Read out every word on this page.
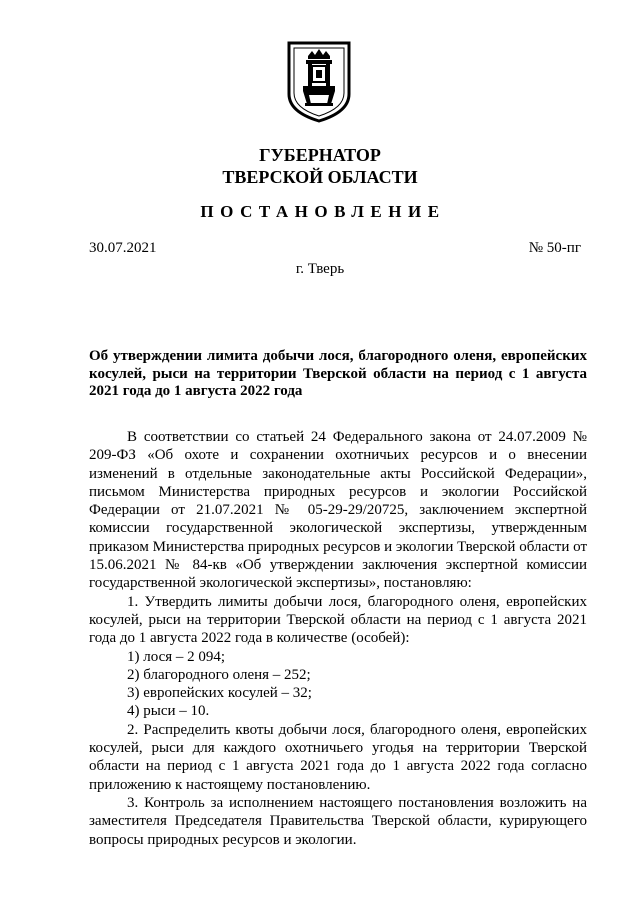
ГУБЕРНАТОР
ТВЕРСКОЙ ОБЛАСТИ
ПОСТАНОВЛЕНИЕ
30.07.2021	№ 50-пг
г. Тверь
Об утверждении лимита добычи лося, благородного оленя, европейских косулей, рыси на территории Тверской области на период с 1 августа 2021 года до 1 августа 2022 года

В соответствии со статьей 24 Федерального закона от 24.07.2009 № 209-ФЗ «Об охоте и сохранении охотничьих ресурсов и о внесении изменений в отдельные законодательные акты Российской Федерации», письмом Министерства природных ресурсов и экологии Российской Федерации от 21.07.2021 № 05-29-29/20725, заключением экспертной комиссии государственной экологической экспертизы, утвержденным приказом Министерства природных ресурсов и экологии Тверской области от 15.06.2021 № 84-кв «Об утверждении заключения экспертной комиссии государственной экологической экспертизы», постановляю:

1. Утвердить лимиты добычи лося, благородного оленя, европейских косулей, рыси на территории Тверской области на период с 1 августа 2021 года до 1 августа 2022 года в количестве (особей):

1) лося – 2 094;

2) благородного оленя – 252;

3) европейских косулей – 32;

4) рыси – 10.

2. Распределить квоты добычи лося, благородного оленя, европейских косулей, рыси для каждого охотничьего угодья на территории Тверской области на период с 1 августа 2021 года до 1 августа 2022 года согласно приложению к настоящему постановлению.

3. Контроль за исполнением настоящего постановления возложить на заместителя Председателя Правительства Тверской области, курирующего вопросы природных ресурсов и экологии.
